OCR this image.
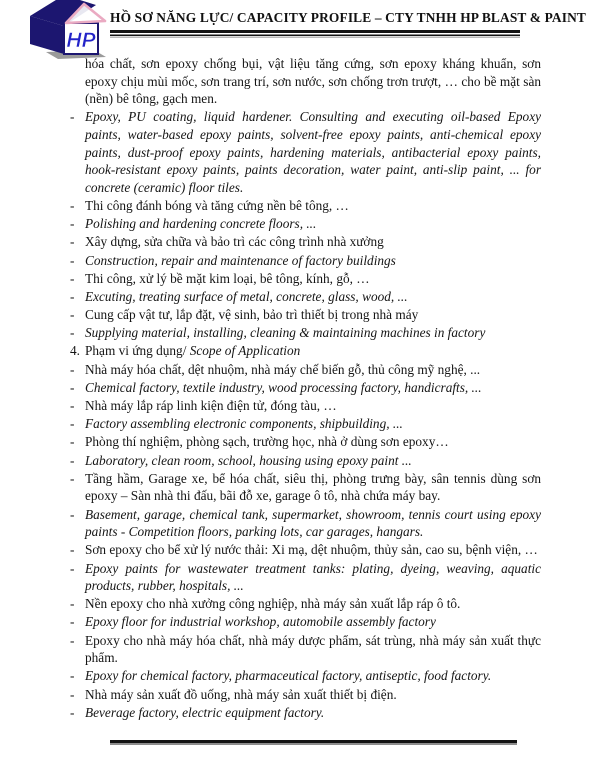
HP
HỒ SƠ NĂNG LỰC/ CAPACITY PROFILE – CTY TNHH HP BLAST & PAINT
hóa chất, sơn epoxy chống bụi, vật liệu tăng cứng, sơn epoxy kháng khuẩn, sơn epoxy chịu mùi mốc, sơn trang trí, sơn nước, sơn chống trơn trượt, … cho bề mặt sàn (nền) bê tông, gạch men.
- Epoxy, PU coating, liquid hardener. Consulting and executing oil-based Epoxy paints, water-based epoxy paints, solvent-free epoxy paints, anti-chemical epoxy paints, dust-proof epoxy paints, hardening materials, antibacterial epoxy paints, hook-resistant epoxy paints, paints decoration, water paint, anti-slip paint, ... for concrete (ceramic) floor tiles.
- Thi công đánh bóng và tăng cứng nền bê tông, …
- Polishing and hardening concrete floors, ...
- Xây dựng, sửa chữa và bảo trì các công trình nhà xưởng
- Construction, repair and maintenance of factory buildings
- Thi công, xử lý bề mặt kim loại, bê tông, kính, gỗ, …
- Excuting, treating surface of metal, concrete, glass, wood, ...
- Cung cấp vật tư, lắp đặt, vệ sinh, bảo trì thiết bị trong nhà máy
- Supplying material, installing, cleaning & maintaining machines in factory
4. Phạm vi ứng dụng/ Scope of Application
- Nhà máy hóa chất, dệt nhuộm, nhà máy chế biến gỗ, thủ công mỹ nghệ, ...
- Chemical factory, textile industry, wood processing factory, handicrafts, ...
- Nhà máy lắp ráp linh kiện điện tử, đóng tàu, …
- Factory assembling electronic components, shipbuilding, ...
- Phòng thí nghiệm, phòng sạch, trường học, nhà ở dùng sơn epoxy…
- Laboratory, clean room, school, housing using epoxy paint ...
- Tầng hầm, Garage xe, bể hóa chất, siêu thị, phòng trưng bày, sân tennis dùng sơn epoxy – Sàn nhà thi đấu, bãi đỗ xe, garage ô tô, nhà chứa máy bay.
- Basement, garage, chemical tank, supermarket, showroom, tennis court using epoxy paints - Competition floors, parking lots, car garages, hangars.
- Sơn epoxy cho bể xử lý nước thải: Xi mạ, dệt nhuộm, thủy sản, cao su, bệnh viện, …
- Epoxy paints for wastewater treatment tanks: plating, dyeing, weaving, aquatic products, rubber, hospitals, ...
- Nền epoxy cho nhà xưởng công nghiệp, nhà máy sản xuất lắp ráp ô tô.
- Epoxy floor for industrial workshop, automobile assembly factory
- Epoxy cho nhà máy hóa chất, nhà máy dược phẩm, sát trùng, nhà máy sản xuất thực phẩm.
- Epoxy for chemical factory, pharmaceutical factory, antiseptic, food factory.
- Nhà máy sản xuất đồ uống, nhà máy sản xuất thiết bị điện.
- Beverage factory, electric equipment factory.
